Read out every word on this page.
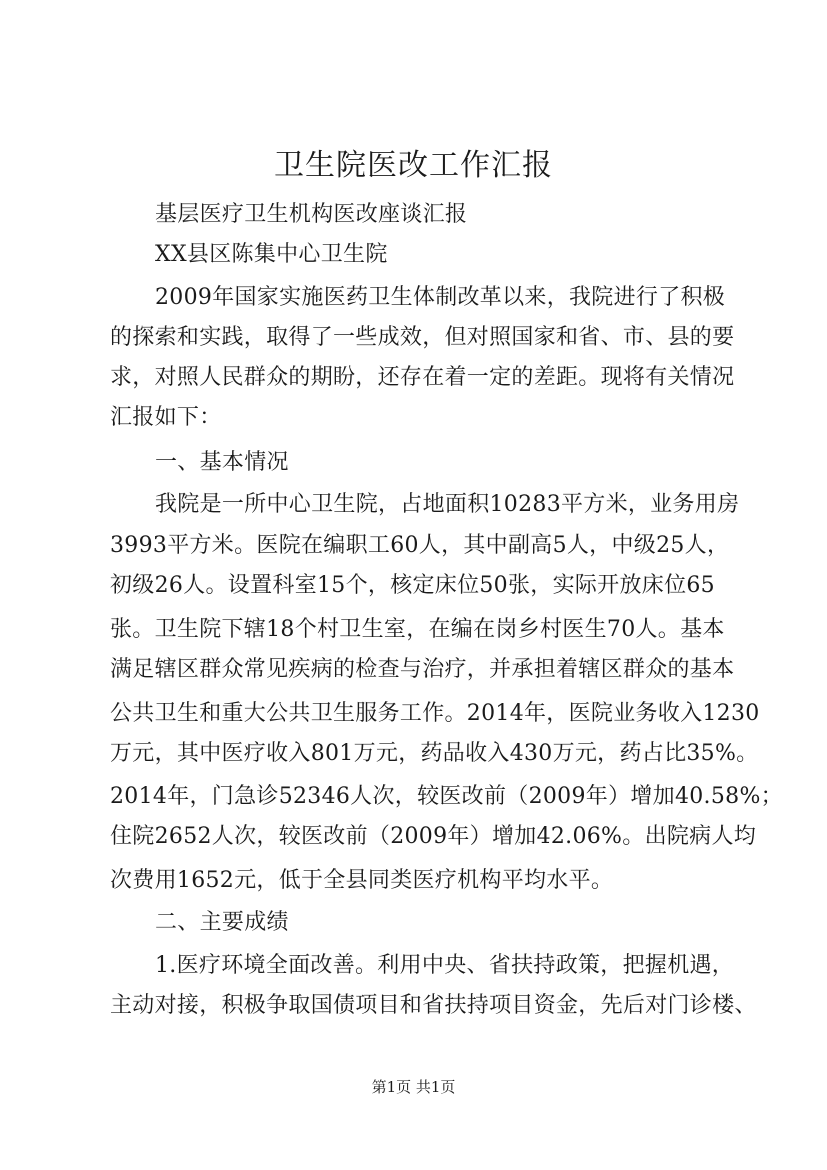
卫生院医改工作汇报
基层医疗卫生机构医改座谈汇报
XX县区陈集中心卫生院
2009年国家实施医药卫生体制改革以来，我院进行了积极
的探索和实践，取得了一些成效，但对照国家和省、市、县的要
求，对照人民群众的期盼，还存在着一定的差距。现将有关情况
汇报如下：
一、基本情况
我院是一所中心卫生院，占地面积10283平方米，业务用房
3993平方米。医院在编职工60人，其中副高5人，中级25人，
初级26人。设置科室15个，核定床位50张，实际开放床位65
张。卫生院下辖18个村卫生室，在编在岗乡村医生70人。基本
满足辖区群众常见疾病的检查与治疗，并承担着辖区群众的基本
公共卫生和重大公共卫生服务工作。2014年，医院业务收入1230
万元，其中医疗收入801万元，药品收入430万元，药占比35%。
2014年，门急诊52346人次，较医改前（2009年）增加40.58%；
住院2652人次，较医改前（2009年）增加42.06%。出院病人均
次费用1652元，低于全县同类医疗机构平均水平。
二、主要成绩
1.医疗环境全面改善。利用中央、省扶持政策，把握机遇，
主动对接，积极争取国债项目和省扶持项目资金，先后对门诊楼、
第1页 共1页
